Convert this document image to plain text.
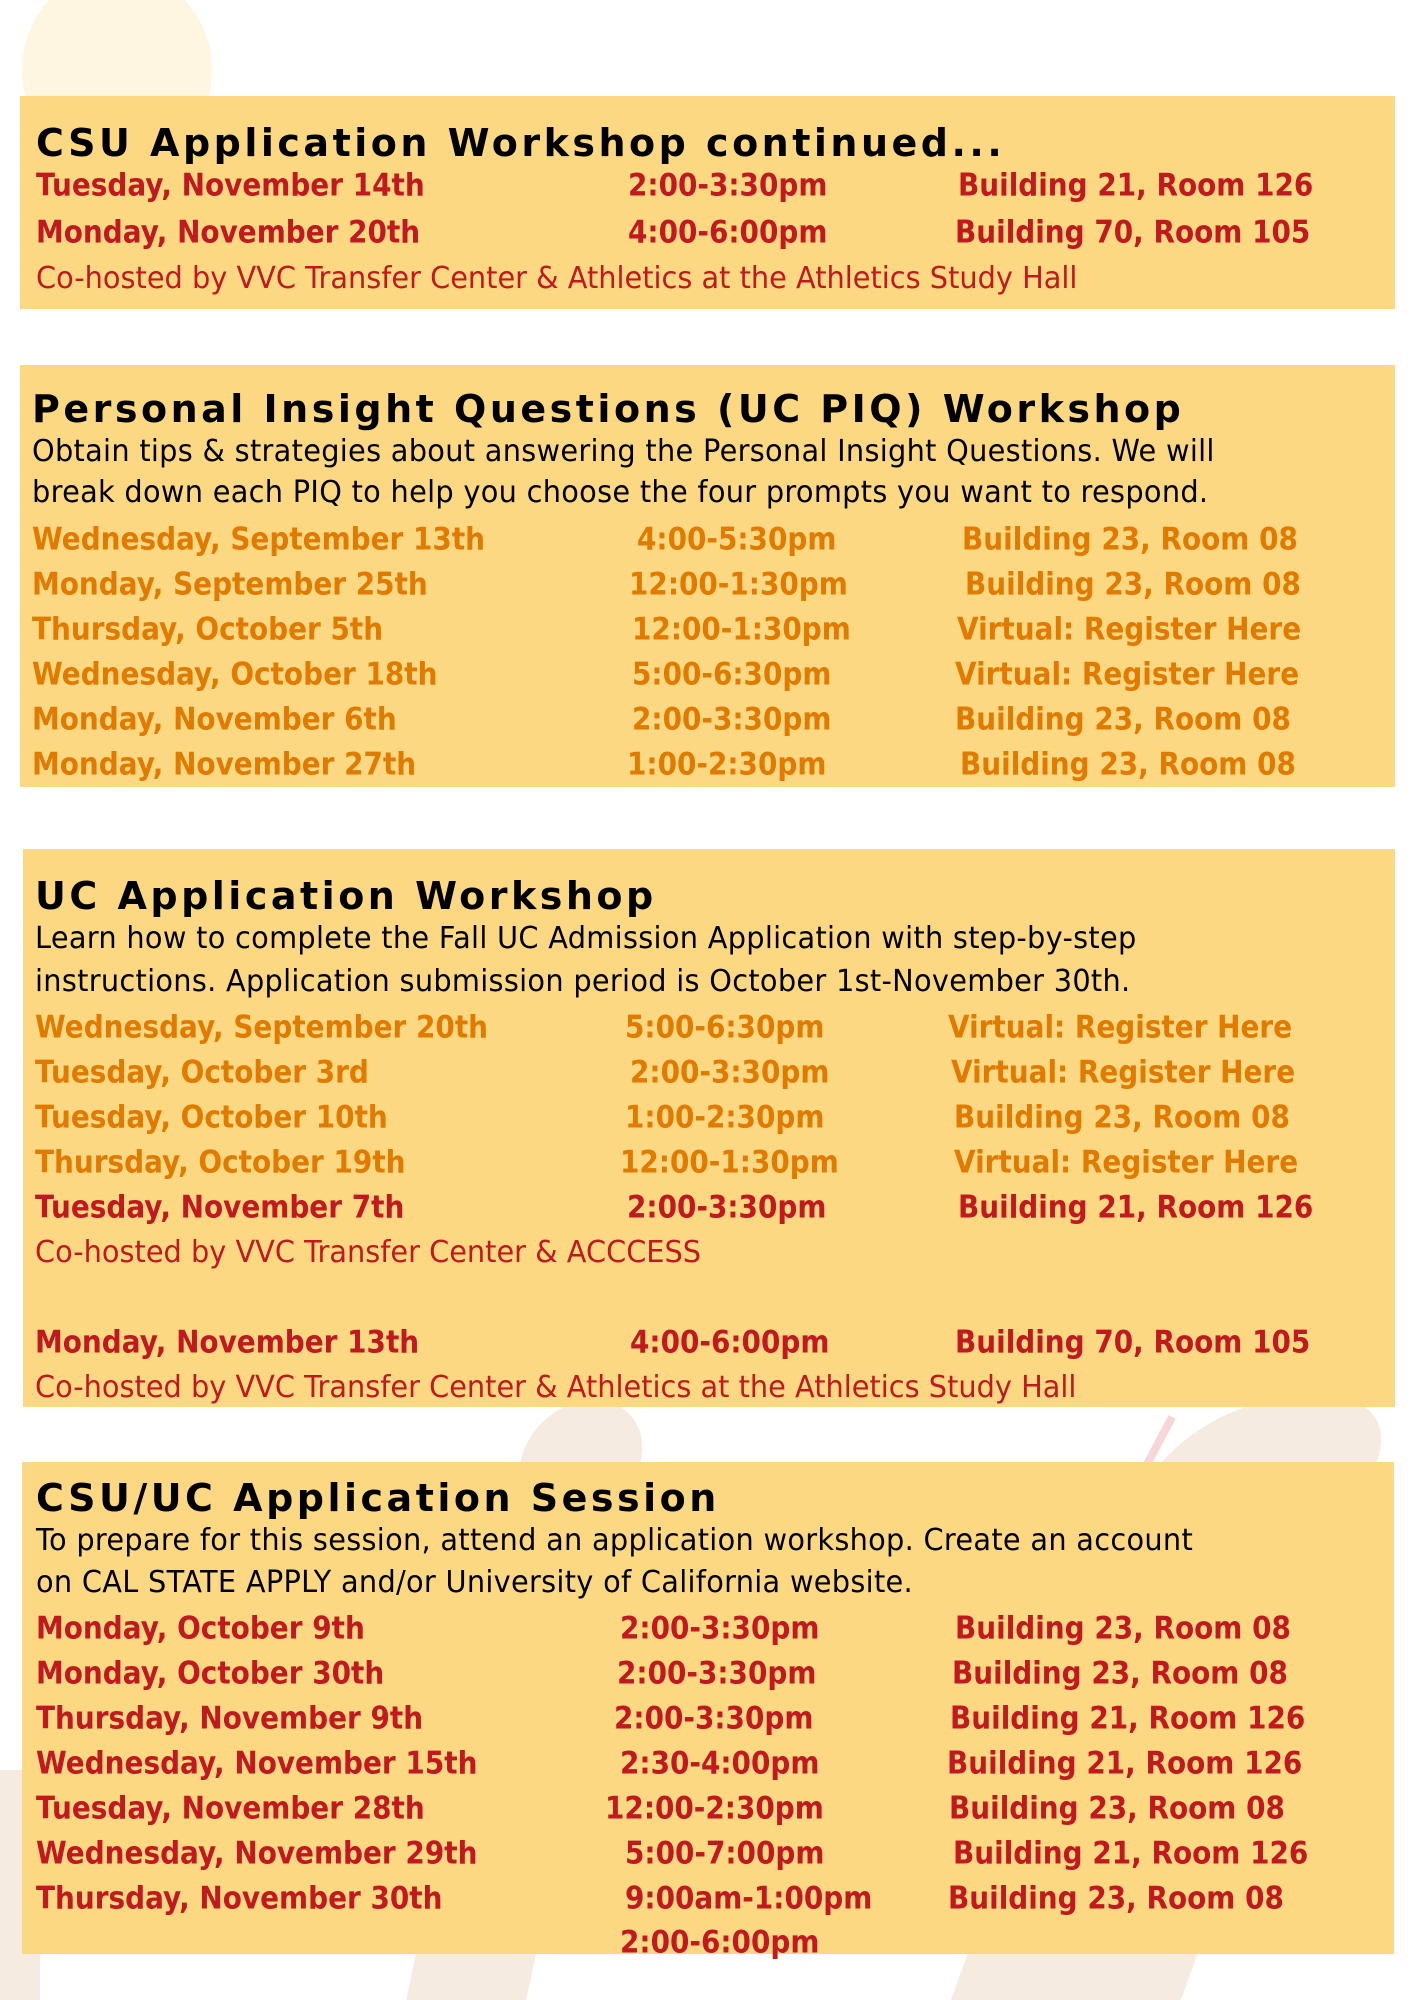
CSU Application Workshop continued...
Tuesday, November 14th	2:00-3:30pm	Building 21, Room 126
Monday, November 20th	4:00-6:00pm	Building 70, Room 105
Co-hosted by VVC Transfer Center & Athletics at the Athletics Study Hall
Personal Insight Questions (UC PIQ) Workshop
Obtain tips & strategies about answering the Personal Insight Questions. We will
break down each PIQ to help you choose the four prompts you want to respond.
Wednesday, September 13th	4:00-5:30pm	Building 23, Room 08
Monday, September 25th	12:00-1:30pm	Building 23, Room 08
Thursday, October 5th	12:00-1:30pm	Virtual: Register Here
Wednesday, October 18th	5:00-6:30pm	Virtual: Register Here
Monday, November 6th	2:00-3:30pm	Building 23, Room 08
Monday, November 27th	1:00-2:30pm	Building 23, Room 08
UC Application Workshop
Learn how to complete the Fall UC Admission Application with step-by-step
instructions. Application submission period is October 1st-November 30th.
Wednesday, September 20th	5:00-6:30pm	Virtual: Register Here
Tuesday, October 3rd	2:00-3:30pm	Virtual: Register Here
Tuesday, October 10th	1:00-2:30pm	Building 23, Room 08
Thursday, October 19th	12:00-1:30pm	Virtual: Register Here
Tuesday, November 7th	2:00-3:30pm	Building 21, Room 126
Co-hosted by VVC Transfer Center & ACCCESS
Monday, November 13th	4:00-6:00pm	Building 70, Room 105
Co-hosted by VVC Transfer Center & Athletics at the Athletics Study Hall
CSU/UC Application Session
To prepare for this session, attend an application workshop. Create an account
on CAL STATE APPLY and/or University of California website.
Monday, October 9th	2:00-3:30pm	Building 23, Room 08
Monday, October 30th	2:00-3:30pm	Building 23, Room 08
Thursday, November 9th	2:00-3:30pm	Building 21, Room 126
Wednesday, November 15th	2:30-4:00pm	Building 21, Room 126
Tuesday, November 28th	12:00-2:30pm	Building 23, Room 08
Wednesday, November 29th	5:00-7:00pm	Building 21, Room 126
Thursday, November 30th	9:00am-1:00pm Building 23, Room 08
2:00-6:00pm
